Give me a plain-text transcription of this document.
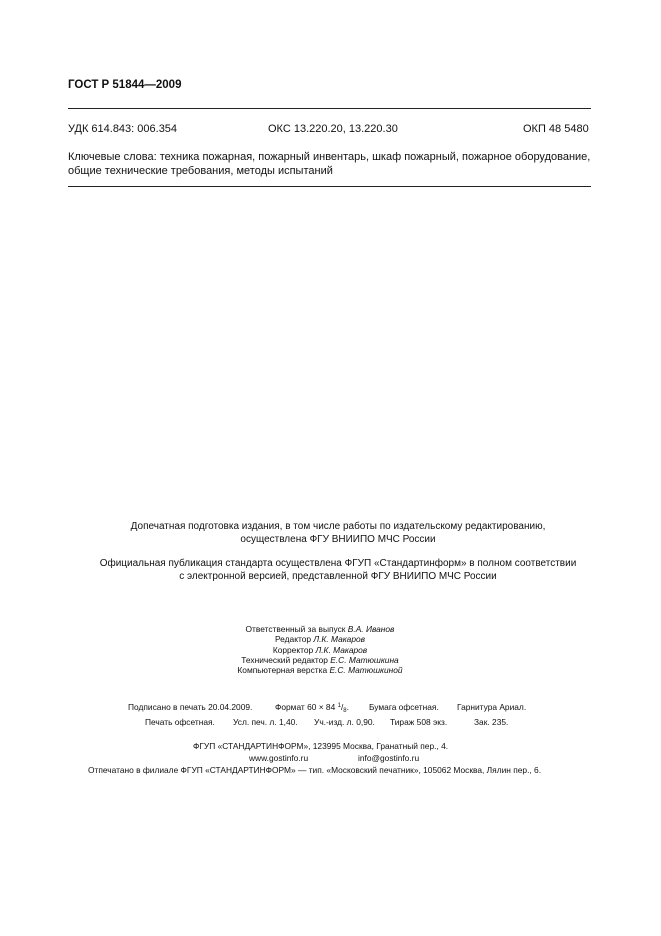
ГОСТ Р 51844—2009
УДК 614.843: 006.354	ОКС 13.220.20, 13.220.30	ОКП 48 5480
Ключевые слова: техника пожарная, пожарный инвентарь, шкаф пожарный, пожарное оборудование,
общие технические требования, методы испытаний
Допечатная подготовка издания, в том числе работы по издательскому редактированию,
осуществлена ФГУ ВНИИПО МЧС России
Официальная публикация стандарта осуществлена ФГУП «Стандартинформ» в полном соответствии
с электронной версией, представленной ФГУ ВНИИПО МЧС России
Ответственный за выпуск В.А. Иванов
Редактор Л.К. Макаров
Корректор Л.К. Макаров
Технический редактор Е.С. Матюшкина
Компьютерная верстка Е.С. Матюшкиной
Подписано в печать 20.04.2009.	Формат 60 × 84 $^1/_8$. Бумага офсетная. Гарнитура Ариал.
Печать офсетная. Усл. печ. л. 1,40. Уч.-изд. л. 0,90. Тираж 508 экз.	Зак. 235.
ФГУП «СТАНДАРТИНФОРМ», 123995 Москва, Гранатный пер., 4.
www.gostinfo.ru	info@gostinfo.ru
Отпечатано в филиале ФГУП «СТАНДАРТИНФОРМ» — тип. «Московский печатник», 105062 Москва, Лялин пер., 6.
